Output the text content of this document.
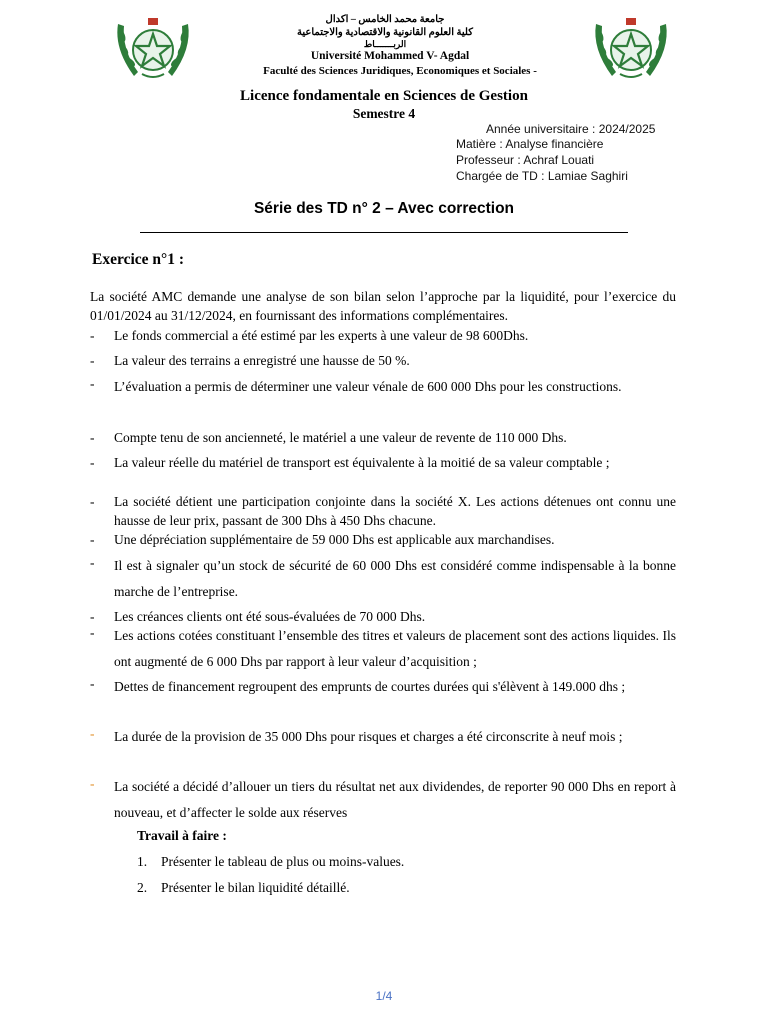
جامعة محمد الخامس – اكدال
كلية العلوم القانونية والاقتصادية والاجتماعية
الربـــــــاط
Université Mohammed V- Agdal
Faculté des Sciences Juridiques, Economiques et Sociales -
Licence fondamentale en Sciences de Gestion
Semestre 4
Année universitaire : 2024/2025
Matière : Analyse financière
Professeur : Achraf Louati
Chargée de TD : Lamiae Saghiri
Série des TD n° 2 – Avec correction
Exercice n°1 :
La société AMC demande une analyse de son bilan selon l’approche par la liquidité, pour l’exercice du 01/01/2024 au 31/12/2024, en fournissant des informations complémentaires.
-	Le fonds commercial a été estimé par les experts à une valeur de 98 600Dhs.
-	La valeur des terrains a enregistré une hausse de 50 %.
-	L’évaluation a permis de déterminer une valeur vénale de 600 000 Dhs pour les constructions.
-	Compte tenu de son ancienneté, le matériel a une valeur de revente de 110 000 Dhs.
-	La valeur réelle du matériel de transport est équivalente à la moitié de sa valeur comptable ;
-	La société détient une participation conjointe dans la société X. Les actions détenues ont connu une hausse de leur prix, passant de 300 Dhs à 450 Dhs chacune.
-	Une dépréciation supplémentaire de 59 000 Dhs est applicable aux marchandises.
-	Il est à signaler qu’un stock de sécurité de 60 000 Dhs est considéré comme indispensable à la bonne marche de l’entreprise.
-	Les créances clients ont été sous-évaluées de 70 000 Dhs.
-	Les actions cotées constituant l’ensemble des titres et valeurs de placement sont des actions liquides. Ils ont augmenté de 6 000 Dhs par rapport à leur valeur d’acquisition ;
-	Dettes de financement regroupent des emprunts de courtes durées qui s'élèvent à 149.000 dhs ;
-	La durée de la provision de 35 000 Dhs pour risques et charges a été circonscrite à neuf mois ;
-	La société a décidé d’allouer un tiers du résultat net aux dividendes, de reporter 90 000 Dhs en report à nouveau, et d’affecter le solde aux réserves
Travail à faire :
1. Présenter le tableau de plus ou moins-values.
2. Présenter le bilan liquidité détaillé.
1/4
